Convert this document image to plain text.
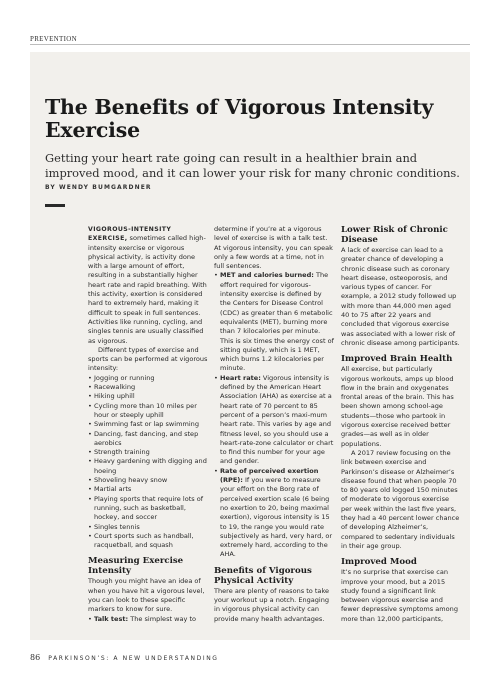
PREVENTION
The Benefits of Vigorous Intensity Exercise

Getting your heart rate going can result in a healthier brain and improved mood, and it can lower your risk for many chronic conditions.

BY WENDY BUMGARDNER

VIGOROUS-INTENSITY EXERCISE, sometimes called high-intensity exercise or vigorous physical activity, is activity done with a large amount of effort, resulting in a substantially higher heart rate and rapid breathing. With this activity, exertion is considered hard to extremely hard, making it difficult to speak in full sentences. Activities like running, cycling, and singles tennis are usually classified as vigorous.

Different types of exercise and sports can be performed at vigorous intensity:

• Jogging or running
• Racewalking
• Hiking uphill
• Cycling more than 10 miles per hour or steeply uphill
• Swimming fast or lap swimming
• Dancing, fast dancing, and step aerobics
• Strength training
• Heavy gardening with digging and hoeing
• Shoveling heavy snow
• Martial arts
• Playing sports that require lots of running, such as basketball, hockey, and soccer
• Singles tennis
• Court sports such as handball, racquetball, and squash
Measuring Exercise Intensity

Though you might have an idea of when you have hit a vigorous level, you can look to these specific markers to know for sure.

• Talk test: The simplest way to

determine if you’re at a vigorous level of exercise is with a talk test. At vigorous intensity, you can speak only a few words at a time, not in full sentences.

• MET and calories burned: The effort required for vigorous-intensity exercise is defined by the Centers for Disease Control (CDC) as greater than 6 metabolic equivalents (MET), burning more than 7 kilocalories per minute. This is six times the energy cost of sitting quietly, which is 1 MET, which burns 1.2 kilocalories per minute.
• Heart rate: Vigorous intensity is defined by the American Heart Association (AHA) as exercise at a heart rate of 70 percent to 85 percent of a person’s maxi-mum heart rate. This varies by age and fitness level, so you should use a heart-rate-zone calculator or chart to find this number for your age and gender.
• Rate of perceived exertion (RPE): If you were to measure your effort on the Borg rate of perceived exertion scale (6 being no exertion to 20, being maximal exertion), vigorous intensity is 15 to 19, the range you would rate subjectively as hard, very hard, or extremely hard, according to the AHA.
Benefits of Vigorous Physical Activity

There are plenty of reasons to take your workout up a notch. Engaging in vigorous physical activity can provide many health advantages.

Lower Risk of Chronic Disease

A lack of exercise can lead to a greater chance of developing a chronic disease such as coronary heart disease, osteoporosis, and various types of cancer. For example, a 2012 study followed up with more than 44,000 men aged 40 to 75 after 22 years and concluded that vigorous exercise was associated with a lower risk of chronic disease among participants.

Improved Brain Health

All exercise, but particularly vigorous workouts, amps up blood flow in the brain and oxygenates frontal areas of the brain. This has been shown among school-age students—those who partook in vigorous exercise received better grades—as well as in older populations.

A 2017 review focusing on the link between exercise and Parkinson’s disease or Alzheimer’s disease found that when people 70 to 80 years old logged 150 minutes of moderate to vigorous exercise per week within the last five years, they had a 40 percent lower chance of developing Alzheimer’s, compared to sedentary individuals in their age group.

Improved Mood

It’s no surprise that exercise can improve your mood, but a 2015 study found a significant link between vigorous exercise and fewer depressive symptoms among more than 12,000 participants,

86 PARKINSON’S: A NEW UNDERSTANDING
